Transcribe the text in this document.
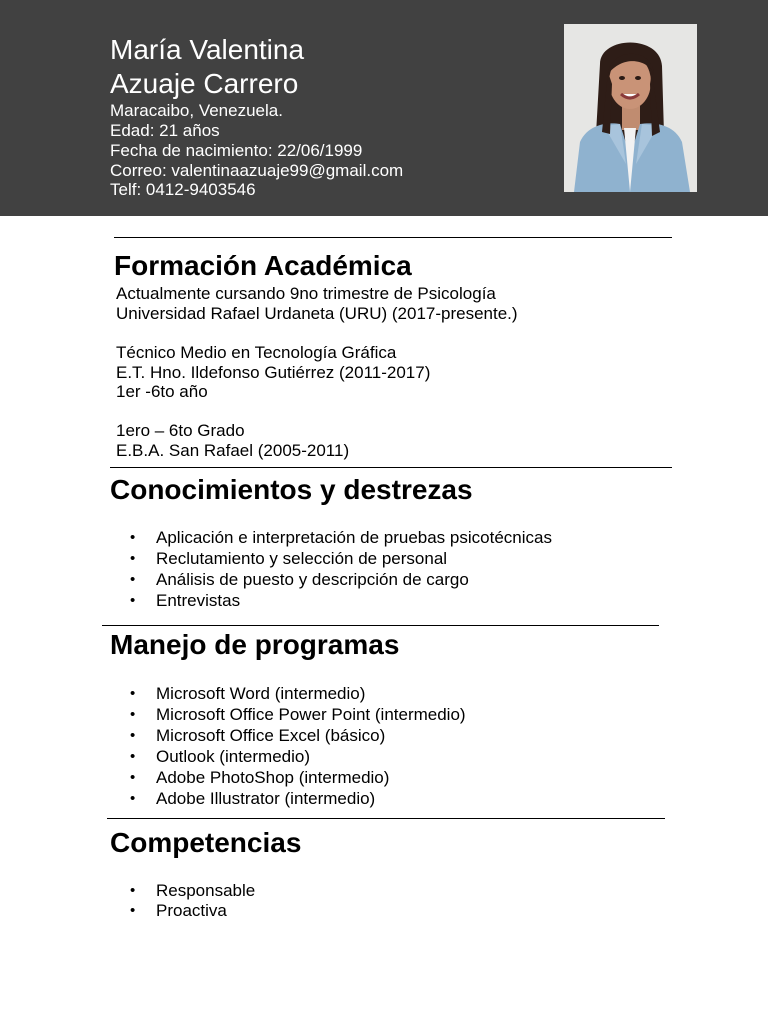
María Valentina
Azuaje Carrero
Maracaibo, Venezuela.
Edad: 21 años
Fecha de nacimiento: 22/06/1999
Correo: valentinaazuaje99@gmail.com
Telf: 0412-9403546
Formación Académica
Actualmente cursando 9no trimestre de Psicología
Universidad Rafael Urdaneta (URU) (2017-presente.)
Técnico Medio en Tecnología Gráfica
E.T. Hno. Ildefonso Gutiérrez (2011-2017)
1er -6to año
1ero – 6to Grado
E.B.A. San Rafael (2005-2011)
Conocimientos y destrezas
•	Aplicación e interpretación de pruebas psicotécnicas
•	Reclutamiento y selección de personal
•	Análisis de puesto y descripción de cargo
•	Entrevistas
Manejo de programas
•	Microsoft Word (intermedio)
•	Microsoft Office Power Point (intermedio)
•	Microsoft Office Excel (básico)
•	Outlook (intermedio)
•	Adobe PhotoShop (intermedio)
•	Adobe Illustrator (intermedio)
Competencias
•	Responsable
•	Proactiva
